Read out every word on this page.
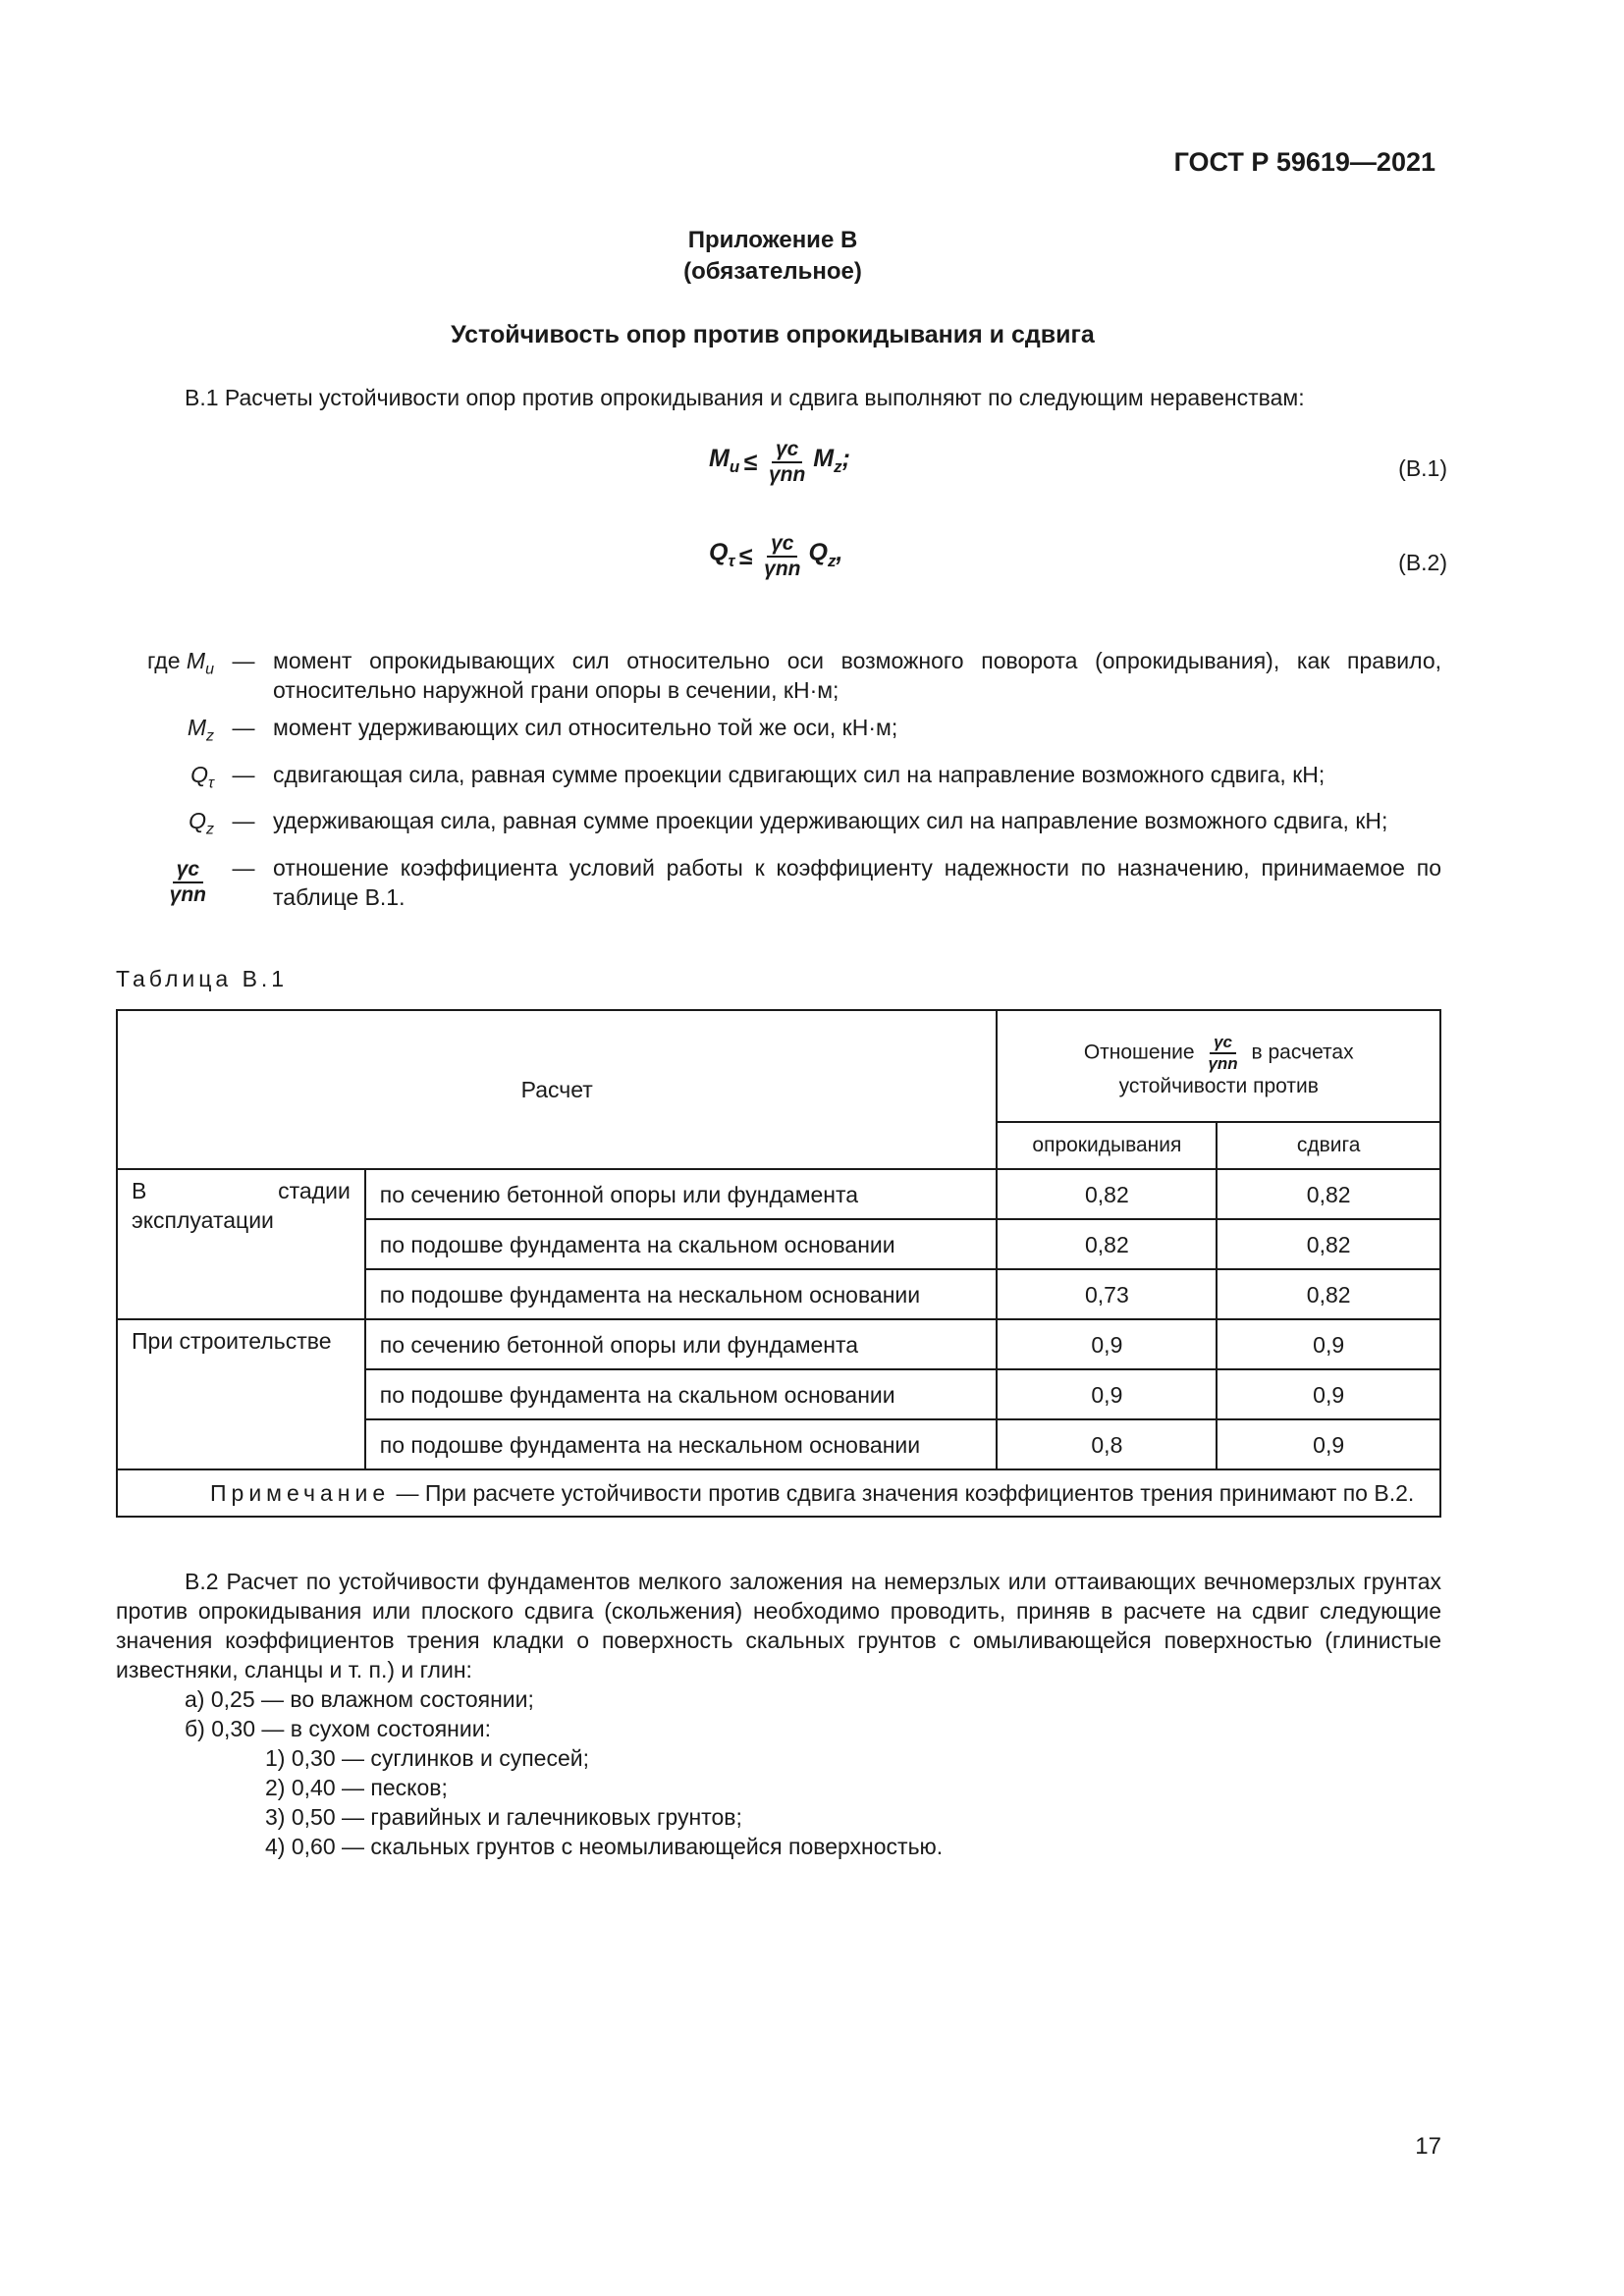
ГОСТ Р 59619—2021
Приложение В
(обязательное)
Устойчивость опор против опрокидывания и сдвига
В.1 Расчеты устойчивости опор против опрокидывания и сдвига выполняют по следующим неравенствам:
$M_u \le \frac{\gamma c}{\text{γnn}} M_z$;	(В.1)
$Q_\tau \le \frac{\gamma c}{\text{γnn}} Q_z$,	(В.2)
где $M_u$ — момент опрокидывающих сил относительно оси возможного поворота (опрокидывания), как правило, относительно наружной грани опоры в сечении, кН·м;
$M_z$ — момент удерживающих сил относительно той же оси, кН·м;
$Q_\tau$ — сдвигающая сила, равная сумме проекции сдвигающих сил на направление возможного сдвига, кН;
$Q_z$ — удерживающая сила, равная сумме проекции удерживающих сил на направление возможного сдвига, кН;
$\frac{\gamma c}{\text{γnn}}$ — отношение коэффициента условий работы к коэффициенту надежности по назначению, принимаемое по таблице В.1.
Таблица В.1
Расчет		Отношение $\frac{\gamma c}{\text{γnn}}$ в расчетах
устойчивости против	
		опрокидывания	сдвига
В стадии эксплуатации	по сечению бетонной опоры или фундамента	0,82	0,82
	по подошве фундамента на скальном основании	0,82	0,82
	по подошве фундамента на нескальном основании	0,73	0,82
При строительстве	по сечению бетонной опоры или фундамента	0,9	0,9
	по подошве фундамента на скальном основании	0,9	0,9
	по подошве фундамента на нескальном основании	0,8	0,9
Примечание — При расчете устойчивости против сдвига значения коэффициентов трения принимают по В.2.			
В.2 Расчет по устойчивости фундаментов мелкого заложения на немерзлых или оттаивающих вечномерзлых грунтах против опрокидывания или плоского сдвига (скольжения) необходимо проводить, приняв в расчете на сдвиг следующие значения коэффициентов трения кладки о поверхность скальных грунтов с омыливающейся поверхностью (глинистые известняки, сланцы и т. п.) и глин:
а) 0,25 — во влажном состоянии;
б) 0,30 — в сухом состоянии:
1) 0,30 — суглинков и супесей;
2) 0,40 — песков;
3) 0,50 — гравийных и галечниковых грунтов;
4) 0,60 — скальных грунтов с неомыливающейся поверхностью.
17
